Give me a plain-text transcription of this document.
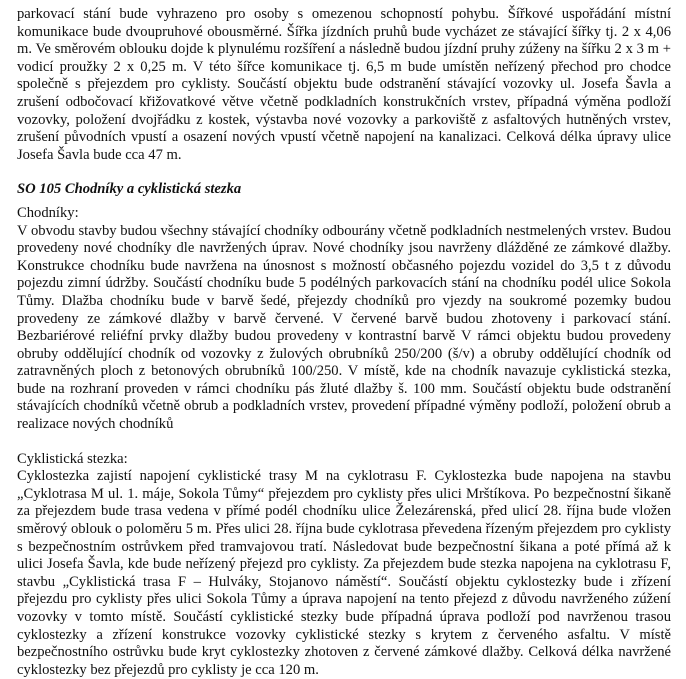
parkovací stání bude vyhrazeno pro osoby s omezenou schopností pohybu. Šířkové uspořádání místní komunikace bude dvoupruhové obousměrné. Šířka jízdních pruhů bude vycházet ze stávající šířky tj. 2 x 4,06 m. Ve směrovém oblouku dojde k plynulému rozšíření a následně budou jízdní pruhy zúženy na šířku 2 x 3 m + vodicí proužky 2 x 0,25 m. V této šířce komunikace tj. 6,5 m bude umístěn neřízený přechod pro chodce společně s přejezdem pro cyklisty. Součástí objektu bude odstranění stávající vozovky ul. Josefa Šavla a zrušení odbočovací křižovatkové větve včetně podkladních konstrukčních vrstev, případná výměna podloží vozovky, položení dvojřádku z kostek, výstavba nové vozovky a parkoviště z asfaltových hutněných vrstev, zrušení původních vpustí a osazení nových vpustí včetně napojení na kanalizaci. Celková délka úpravy ulice Josefa Šavla bude cca 47 m.

SO 105 Chodníky a cyklistická stezka

Chodníky:

V obvodu stavby budou všechny stávající chodníky odbourány včetně podkladních nestmelených vrstev. Budou provedeny nové chodníky dle navržených úprav. Nové chodníky jsou navrženy dlážděné ze zámkové dlažby. Konstrukce chodníku bude navržena na únosnost s možností občasného pojezdu vozidel do 3,5 t z důvodu pojezdu zimní údržby. Součástí chodníku bude 5 podélných parkovacích stání na chodníku podél ulice Sokola Tůmy. Dlažba chodníku bude v barvě šedé, přejezdy chodníků pro vjezdy na soukromé pozemky budou provedeny ze zámkové dlažby v barvě červené. V červené barvě budou zhotoveny i parkovací stání. Bezbariérové reliéfní prvky dlažby budou provedeny v kontrastní barvě V rámci objektu budou provedeny obruby oddělující chodník od vozovky z žulových obrubníků 250/200 (š/v) a obruby oddělující chodník od zatravněných ploch z betonových obrubníků 100/250. V místě, kde na chodník navazuje cyklistická stezka, bude na rozhraní proveden v rámci chodníku pás žluté dlažby š. 100 mm. Součástí objektu bude odstranění stávajících chodníků včetně obrub a podkladních vrstev, provedení případné výměny podloží, položení obrub a realizace nových chodníků

Cyklistická stezka:

Cyklostezka zajistí napojení cyklistické trasy M na cyklotrasu F. Cyklostezka bude napojena na stavbu „Cyklotrasa M ul. 1. máje, Sokola Tůmy“ přejezdem pro cyklisty přes ulici Mrštíkova. Po bezpečnostní šikaně za přejezdem bude trasa vedena v přímé podél chodníku ulice Železárenská, před ulicí 28. října bude vložen směrový oblouk o poloměru 5 m. Přes ulici 28. října bude cyklotrasa převedena řízeným přejezdem pro cyklisty s bezpečnostním ostrůvkem před tramvajovou tratí. Následovat bude bezpečnostní šikana a poté přímá až k ulici Josefa Šavla, kde bude neřízený přejezd pro cyklisty. Za přejezdem bude stezka napojena na cyklotrasu F, stavbu „Cyklistická trasa F – Hulváky, Stojanovo náměstí“. Součástí objektu cyklostezky bude i zřízení přejezdu pro cyklisty přes ulici Sokola Tůmy a úprava napojení na tento přejezd z důvodu navrženého zúžení vozovky v tomto místě. Součástí cyklistické stezky bude případná úprava podloží pod navrženou trasou cyklostezky a zřízení konstrukce vozovky cyklistické stezky s krytem z červeného asfaltu. V místě bezpečnostního ostrůvku bude kryt cyklostezky zhotoven z červené zámkové dlažby. Celková délka navržené cyklostezky bez přejezdů pro cyklisty je cca 120 m.
